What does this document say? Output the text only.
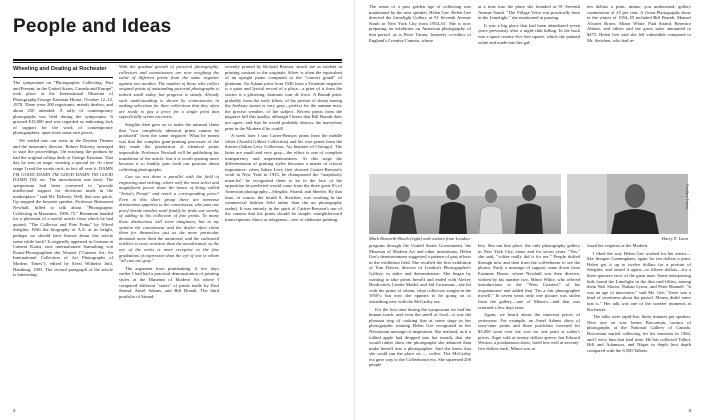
People and Ideas
Wheeling and Dealing at Rochester

The symposium on "Photographic Collecting, Past and Present, in the United States, Canada and Europe" took place at the International Museum of Photography/George Eastman House, October 12–14, 1978. There were 200 registrants, mainly dealers, and about 250 attended. A tally of contemporary photographs was held during the symposium. It grossed $15,000 and was regarded as indicating lack of support for the work of contemporary photographers, apart from some rare pieces.

We settled into our seats in the Dryden Theater and the museum's director, Robert Doherty, emerged to start the proceedings. On reaching the podium he had the original rolltop desk of George Eastman. That day he was on stage, wearing a special tie. At close range I read the words on it, in fact all over it: DAMN I'M GOOD DAMN I'M GOOD DAMN I'M GOOD DAMN I'M, etc. The introduction was brief. The symposium had been convened to "provide intellectual support for decisions made in the marketplace," said Mr. Doherty. Well, that was quick. Up stepped the keynote speaker, Professor Beaumont Newhall, billed to talk about "Photographic Collecting in Museums, 1900–75." Beaumont handed for a photostat of a useful article from which he had quoted, "The Collector and Fine Prints" by Alfred Stieglitz. With the biography of A.S. at its height, perhaps we should have known about this article some while back? It originally appeared in German in Camera Kunst, eine internationale Sammlung von Kunst-Photographien der Neuzeit ("Camera Art, An International Collection of Art Photographs of Modern Times"), edited by Ernst Wilhelm Juhl, Hamburg, 1903. The second paragraph of the article is interesting:

With the gradual growth of pictorial photography, collectors and connoisseurs are now weighing the value of different prints from the same negative against one another. The number of those who collect original prints of outstanding pictorial photographs is indeed small today, but progress is steady. Already such understanding is shown by connoisseurs in making selections for their collections that they often are ready to pay a price for a single print that superficially seems excessive.

Stieglitz then goes on to make the unusual claim that "two completely identical prints cannot be produced" from the same negative. What he meant was that the complex gum-printing processes of the day made the production of identical prints impossible. Professor Newhall will be publishing his translation of the article, but it is worth quoting more because it so frankly puts forth our position about collecting photographs:

Can we not draw a parallel with the field of engraving and etching, where only the most select and magnificent pieces share the honor of being called "Artist's Proofs" and reach a corresponding price? Even in this short group there are immense distinctions apparent to the connoisseur, who puts one proof beside another until finally he finds one worthy of adding to his collection of fine prints. To many these distinctions will seem imaginary, but in my opinion the connoisseur and the dealer often claim them for themselves just as the more particular demands more than the untutored, and the cultivated intellect is more sensitive than the uncultivated, so the eye of the artist is more receptive to the fine gradations of expression than the eye of one to whom "all cats are gray."

The argument from printmaking. A few days earlier I had had a practical demonstration of printing styles at the Museum of Modern Art where I compared different "states" of prints made by Paul Strand, Ansel Adams, and Bill Brandt. The third portfolio of Strand,

recently printed by Richard Benson, struck me as strident in printing contrast to the originals. Silver is often the equivalent of an upright piano compared to the "concert grand" of platinum. An Adams print from 1940 from a Yosemite negative is a quiet and lyrical record of a place—a print of it from the sixties is a glittering, dramatic tour de force. A Brandt print, probably from the early fifties, of his picture of sheep among the Avebury stones is very gray—perfect for the autumn mist, the precise weather, of the subject. Recent prints from the negative kill this quality, although I know that Bill Brandt does not agree, and that he would probably destroy the marvelous print in the Modern if he could!

A week later I saw Carter-Benson prints from the middle fifties (Arnold Gilbert Collection) and his own prints from the thirties (Julian Levy Collection, Art Institute of Chicago). The latter are small and very gray—the effect is one of complete transparency and unpretentiousness. At this stage the differentiation of printing styles becomes a matter of critical importance: when Julian Levy first showed Cartier-Bresson's work in New York in 1933, he championed the "snapshotly miracles" he recognized them to be in the face of the opposition he predicted would come from the three great S's of American photography—Stieglitz, Strand, and Sheeler. By that time, of course, the fourth S, Steichen, was working in the commercial fashion field rather than the art photography realm). It was entirely in the spirit of Cartier-Bresson's use of the camera that his prints should be simple, straightforward transcriptions, direct as telegrams—free of elaborate printing.

2

The sense of a past golden age of collecting was maintained by the next speaker, Helen Gee. Helen Gee directed the Limelight Gallery at 91 Seventh Avenue South in New York City from 1954–61. She is now preparing an exhibition on American photography of that period, as is Peter Turner, formerly co-editor of England's Creative Camera, whose

at a time into the place she founded at 91 Seventh Avenue South. "The Village Voice was practically born in the Limelight," she mentioned in passing.

It was a big place that had been abandoned seven years previously after a night-club killing. In the back was a space twenty-five feet square, which she painted white and made into her gal-

ten dollars a print, minus, you understand, gallery commission of 25 per cent. A Great Photographs show in the winter of 1954–55 included Bill Brandt, Manuel Alvarez Bravo, Minor White, Paul Strand, Berenice Abbott, and others and the gross sales amounted to $475. Helen Gee said she felt vulnerable compared to Mr. Steichen, who had re-

Mark Haworth-Booth (right) and visitors from London	Harry F. Lunn
Geoffrey Forrest

program through the United States Government, the Museum of Modern Art and other institutions, Helen Gee's denouncement suggested a pattern of past efforts in the exhibition field. She recalled the first exhibition of Tom Davies, director of London's Photographer's Gallery, in ardor and determination. She began by wanting to take prints herself and ended with Alexey Brodovitch, Lisette Model, and Sid Grossman—she hit with the prints of whom, what collectors sought in the 1950's; but now she appears to be going on to something new with the McCarthy era.

For the first time during the symposium we had the human touch, and even the smell of food—it was the pleasant ring of cooking that at some stage in her photographic training Helen Gee recognized as her Newtonian message of inspiration. She realized, as if a folded apple had dropped into her mouth, that she would rather show the photographs she admired than make herself into a photographer. And she knew that she could run the place on — coffee. The McCarthy era gave way to the Coffeehouse era. She squeezed 200 people

lery. She ran that place, the only photography gallery in New York City, alone and for seven years. "Yes," she said, "coffee really did it for me." People drifted through now and then from the coffeehouse to see the photos. Early a message of support came down from Eastman House, where Newhall was then director, written by his number two, Minor White, who offered introductions to the "West Coasters" of his acquaintance and added that "I'm a fair photographer myself." In seven years only one picture was stolen from the gallery—one of Minor's—and that was returned a few days later.

Again, we heard about the innocent prices of yesteryear. For example, an Ansel Adams show of sixty-nine prints and three portfolios invested for $3,000 went over the cost for one print at today's prices. Atget sold at twenty dollars apiece, but Edward Weston, a posthumous show, fared less well at seventy-five dollars each. Minor was at

fused her requests at the Modern.

I liked the way Helen Gee worked for her artists—like Imogen Cunningham, again for ten dollars a print. Helen got it up to twelve dollars for a portrait of Stieglitz, and raised it again—to fifteen dollars—for a three-quarters view of the great man. Some enterprising kids found the Limelight in the dim mid-fifties, among them Neil Slavin, Nathan Lyons, and Peter Bunnell. "It was an age of innocence," said Ms. Gee, "there was a kind of sweetness about the period. Money didn't enter into it." Her talk was one of the sweeter moments at Rochester.

The talks were rapid-fire, thirty minutes per speaker. Next one on was James Borcoman, curator of photographs at the National Gallery of Canada. Borcoman started collecting for his museum in 1964, and I envy him that lead time. He has collected Talbot, Hill and Adamson, and Nègre in depth (not depth compared with the 6,500 Talbots

3
